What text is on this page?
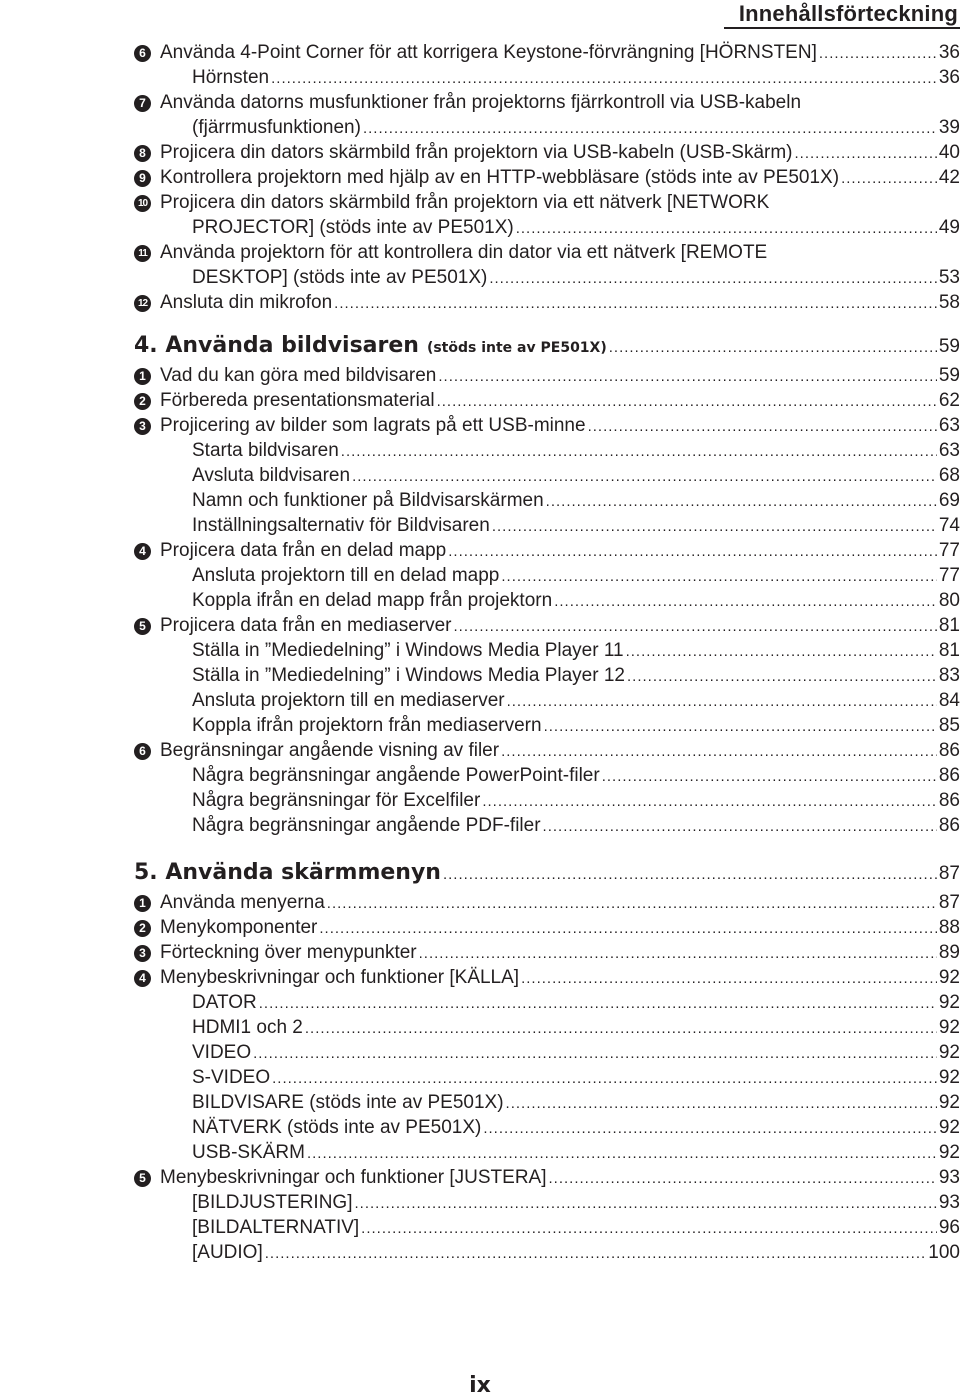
Innehållsförteckning
6 Använda 4-Point Corner för att korrigera Keystone-förvrängning [HÖRNSTEN] .....	36
Hörnsten .....	36
7 Använda datorns musfunktioner från projektorns fjärrkontroll via USB-kabeln
(fjärrmusfunktionen) .....	39
8 Projicera din dators skärmbild från projektorn via USB-kabeln (USB-Skärm) .....	40
9 Kontrollera projektorn med hjälp av en HTTP-webbläsare (stöds inte av PE501X) .....	42
10 Projicera din dators skärmbild från projektorn via ett nätverk [NETWORK
PROJECTOR] (stöds inte av PE501X) .....	49
11 Använda projektorn för att kontrollera din dator via ett nätverk [REMOTE
DESKTOP] (stöds inte av PE501X) .....	53
12 Ansluta din mikrofon .....	58
4. Använda bildvisaren (stöds inte av PE501X) .....	59
1 Vad du kan göra med bildvisaren .....	59
2 Förbereda presentationsmaterial .....	62
3 Projicering av bilder som lagrats på ett USB-minne .....	63
Starta bildvisaren .....	63
Avsluta bildvisaren .....	68
Namn och funktioner på Bildvisarskärmen .....	69
Inställningsalternativ för Bildvisaren .....	74
4 Projicera data från en delad mapp .....	77
Ansluta projektorn till en delad mapp .....	77
Koppla ifrån en delad mapp från projektorn .....	80
5 Projicera data från en mediaserver .....	81
Ställa in ”Mediedelning” i Windows Media Player 11 .....	81
Ställa in ”Mediedelning” i Windows Media Player 12 .....	83
Ansluta projektorn till en mediaserver .....	84
Koppla ifrån projektorn från mediaservern .....	85
6 Begränsningar angående visning av filer .....	86
Några begränsningar angående PowerPoint-filer .....	86
Några begränsningar för Excelfiler .....	86
Några begränsningar angående PDF-filer .....	86
5. Använda skärmmenyn .....	87
1 Använda menyerna .....	87
2 Menykomponenter .....	88
3 Förteckning över menypunkter .....	89
4 Menybeskrivningar och funktioner [KÄLLA] .....	92
DATOR .....	92
HDMI1 och 2 .....	92
VIDEO .....	92
S-VIDEO .....	92
BILDVISARE (stöds inte av PE501X) .....	92
NÄTVERK (stöds inte av PE501X) .....	92
USB-SKÄRM .....	92
5 Menybeskrivningar och funktioner [JUSTERA] .....	93
[BILDJUSTERING] .....	93
[BILDALTERNATIV] .....	96
[AUDIO] .....	100
ix
